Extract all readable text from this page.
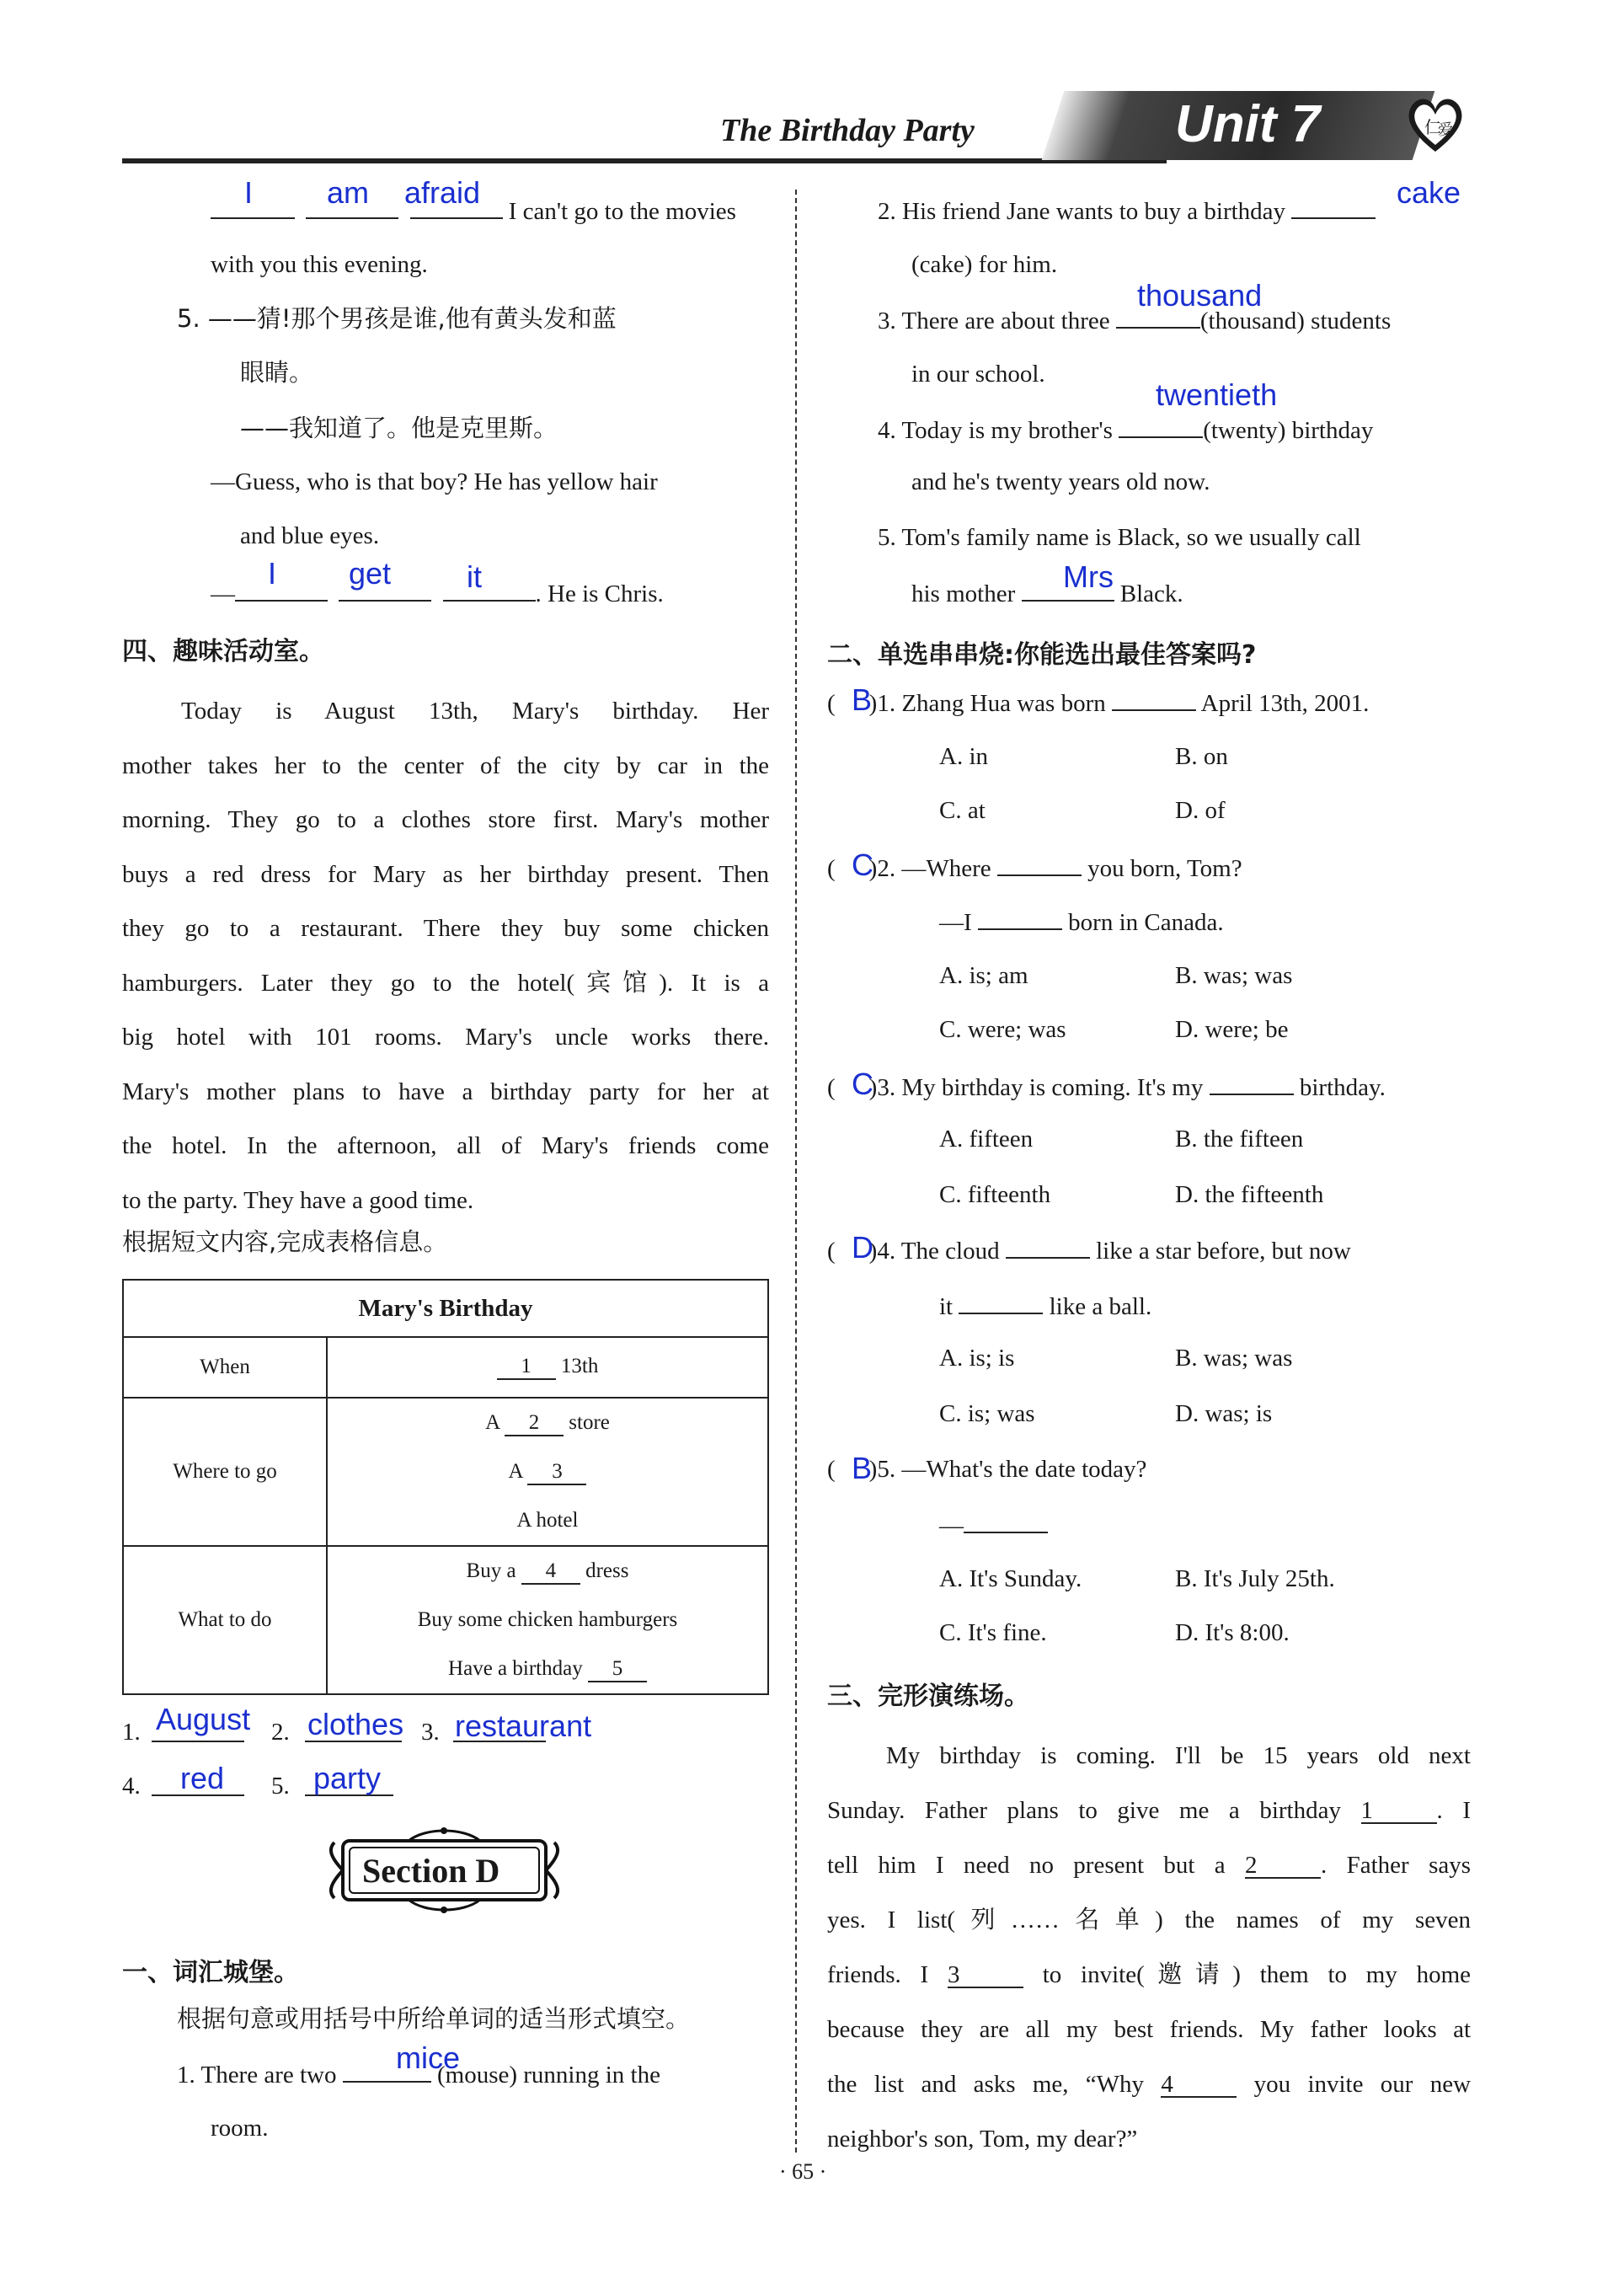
The Birthday Party	Unit 7	仁
爱
I can't go to the movies
I am afraid
with you this evening.
5. ——猜!那个男孩是谁,他有黄头发和蓝
眼睛。
——我知道了。他是克里斯。
—Guess, who is that boy? He has yellow hair
and blue eyes.
—	. He is Chris.
I get it
四、趣味活动室。
Today is August 13th, Mary's birthday. Her
mother takes her to the center of the city by car in the
morning. They go to a clothes store first. Mary's mother
buys a red dress for Mary as her birthday present. Then
they go to a restaurant. There they buy some chicken
hamburgers. Later they go to the hotel(宾馆). It is a
big hotel with 101 rooms. Mary's uncle works there.
Mary's mother plans to have a birthday party for her at
the hotel. In the afternoon, all of Mary's friends come
to the party. They have a good time.
根据短文内容,完成表格信息。
Mary's Birthday	
When	1 13th
Where to go	A 2 store
A 3
A hotel

What to do	Buy a 4 dress
Buy some chicken hamburgers
Have a birthday 5
1. August 2. clothes 3. restaurant
4. red 5. party
Section D
一、词汇城堡。
根据句意或用括号中所给单词的适当形式填空。
1. There are two	(mouse) running in the
mice
room.
2. His friend Jane wants to buy a birthday
cake
(cake) for him.
3. There are about three	(thousand) students
thousand
in our school.
4. Today is my brother's	(twenty) birthday
twentieth
and he's twenty years old now.
5. Tom's family name is Black, so we usually call
his mother	Black.
Mrs
二、单选串串烧:你能选出最佳答案吗?
( )1. Zhang Hua was born	April 13th, 2001.
B
A. in	B. on
C. at	D. of
( )2. —Where	you born, Tom?
C
—I	born in Canada.
A. is; am	B. was; was
C. were; was	D. were; be
( )3. My birthday is coming. It's my	birthday.
C
A. fifteen	B. the fifteen
C. fifteenth	D. the fifteenth
( )4. The cloud	like a star before, but now
D
it	like a ball.
A. is; is	B. was; was
C. is; was	D. was; is
( )5. —What's the date today?
B
—
A. It's Sunday.	B. It's July 25th.
C. It's fine.	D. It's 8:00.
三、完形演练场。
My birthday is coming. I'll be 15 years old next
Sunday. Father plans to give me a birthday 1	. I
tell him I need no present but a 2	. Father says
yes. I list(列……名单) the names of my seven
friends. I 3	to invite(邀请) them to my home
because they are all my best friends. My father looks at
the list and asks me, “Why 4	you invite our new
neighbor's son, Tom, my dear?”
· 65 ·
